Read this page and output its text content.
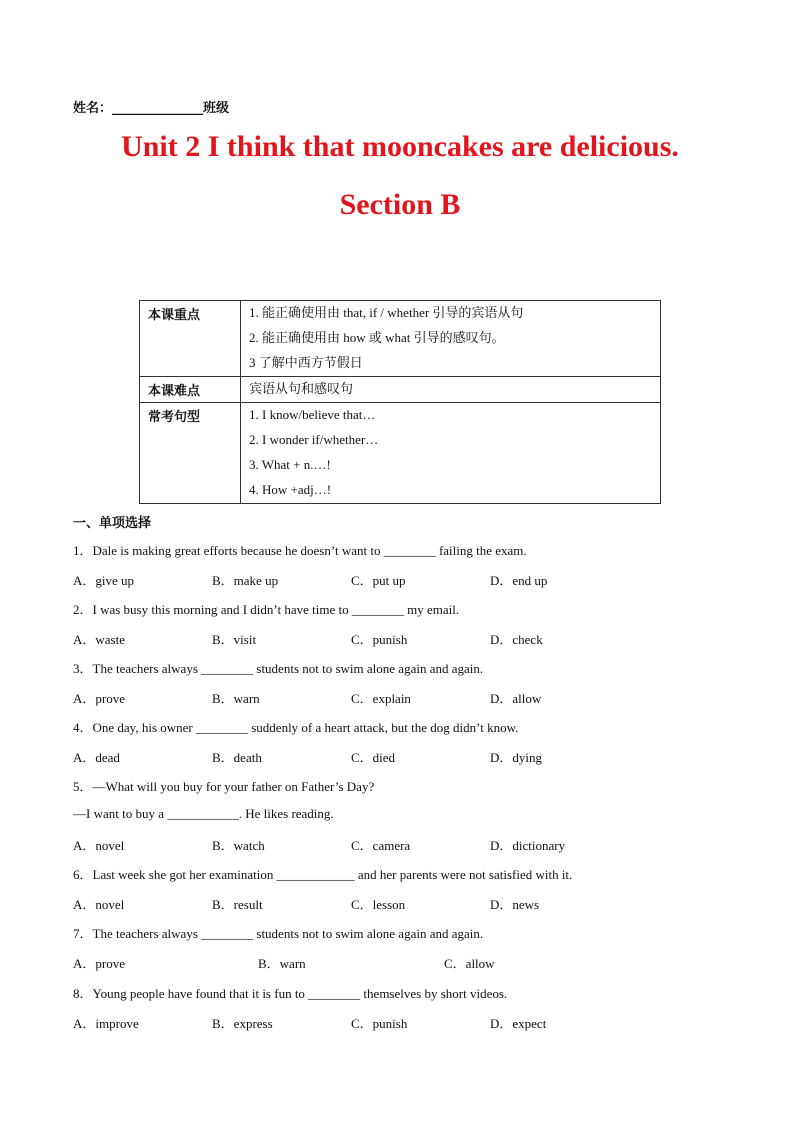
姓名：______________班级
Unit 2 I think that mooncakes are delicious.
Section B
本课重点	1. 能正确使用由 that, if / whether 引导的宾语从句
2. 能正确使用由 how 或 what 引导的感叹句。
3 了解中西方节假日

本课难点	宾语从句和感叹句

常考句型	1. I know/believe that…
2. I wonder if/whether…
3. What + n.…!
4. How +adj…!
一、单项选择
1．Dale is making great efforts because he doesn’t want to ________ failing the exam.
A．give up	B．make up	C．put up	D．end up
2．I was busy this morning and I didn’t have time to ________ my email.
A．waste	B．visit	C．punish	D．check
3．The teachers always ________ students not to swim alone again and again.
A．prove	B．warn	C．explain	D．allow
4．One day, his owner ________ suddenly of a heart attack, but the dog didn’t know.
A．dead	B．death	C．died	D．dying
5．—What will you buy for your father on Father’s Day?
—I want to buy a ___________. He likes reading.
A．novel	B．watch	C．camera	D．dictionary
6．Last week she got her examination ____________ and her parents were not satisfied with it.
A．novel	B．result	C．lesson	D．news
7．The teachers always ________ students not to swim alone again and again.
A．prove	B．warn	C．allow
8．Young people have found that it is fun to ________ themselves by short videos.
A．improve	B．express	C．punish	D．expect
